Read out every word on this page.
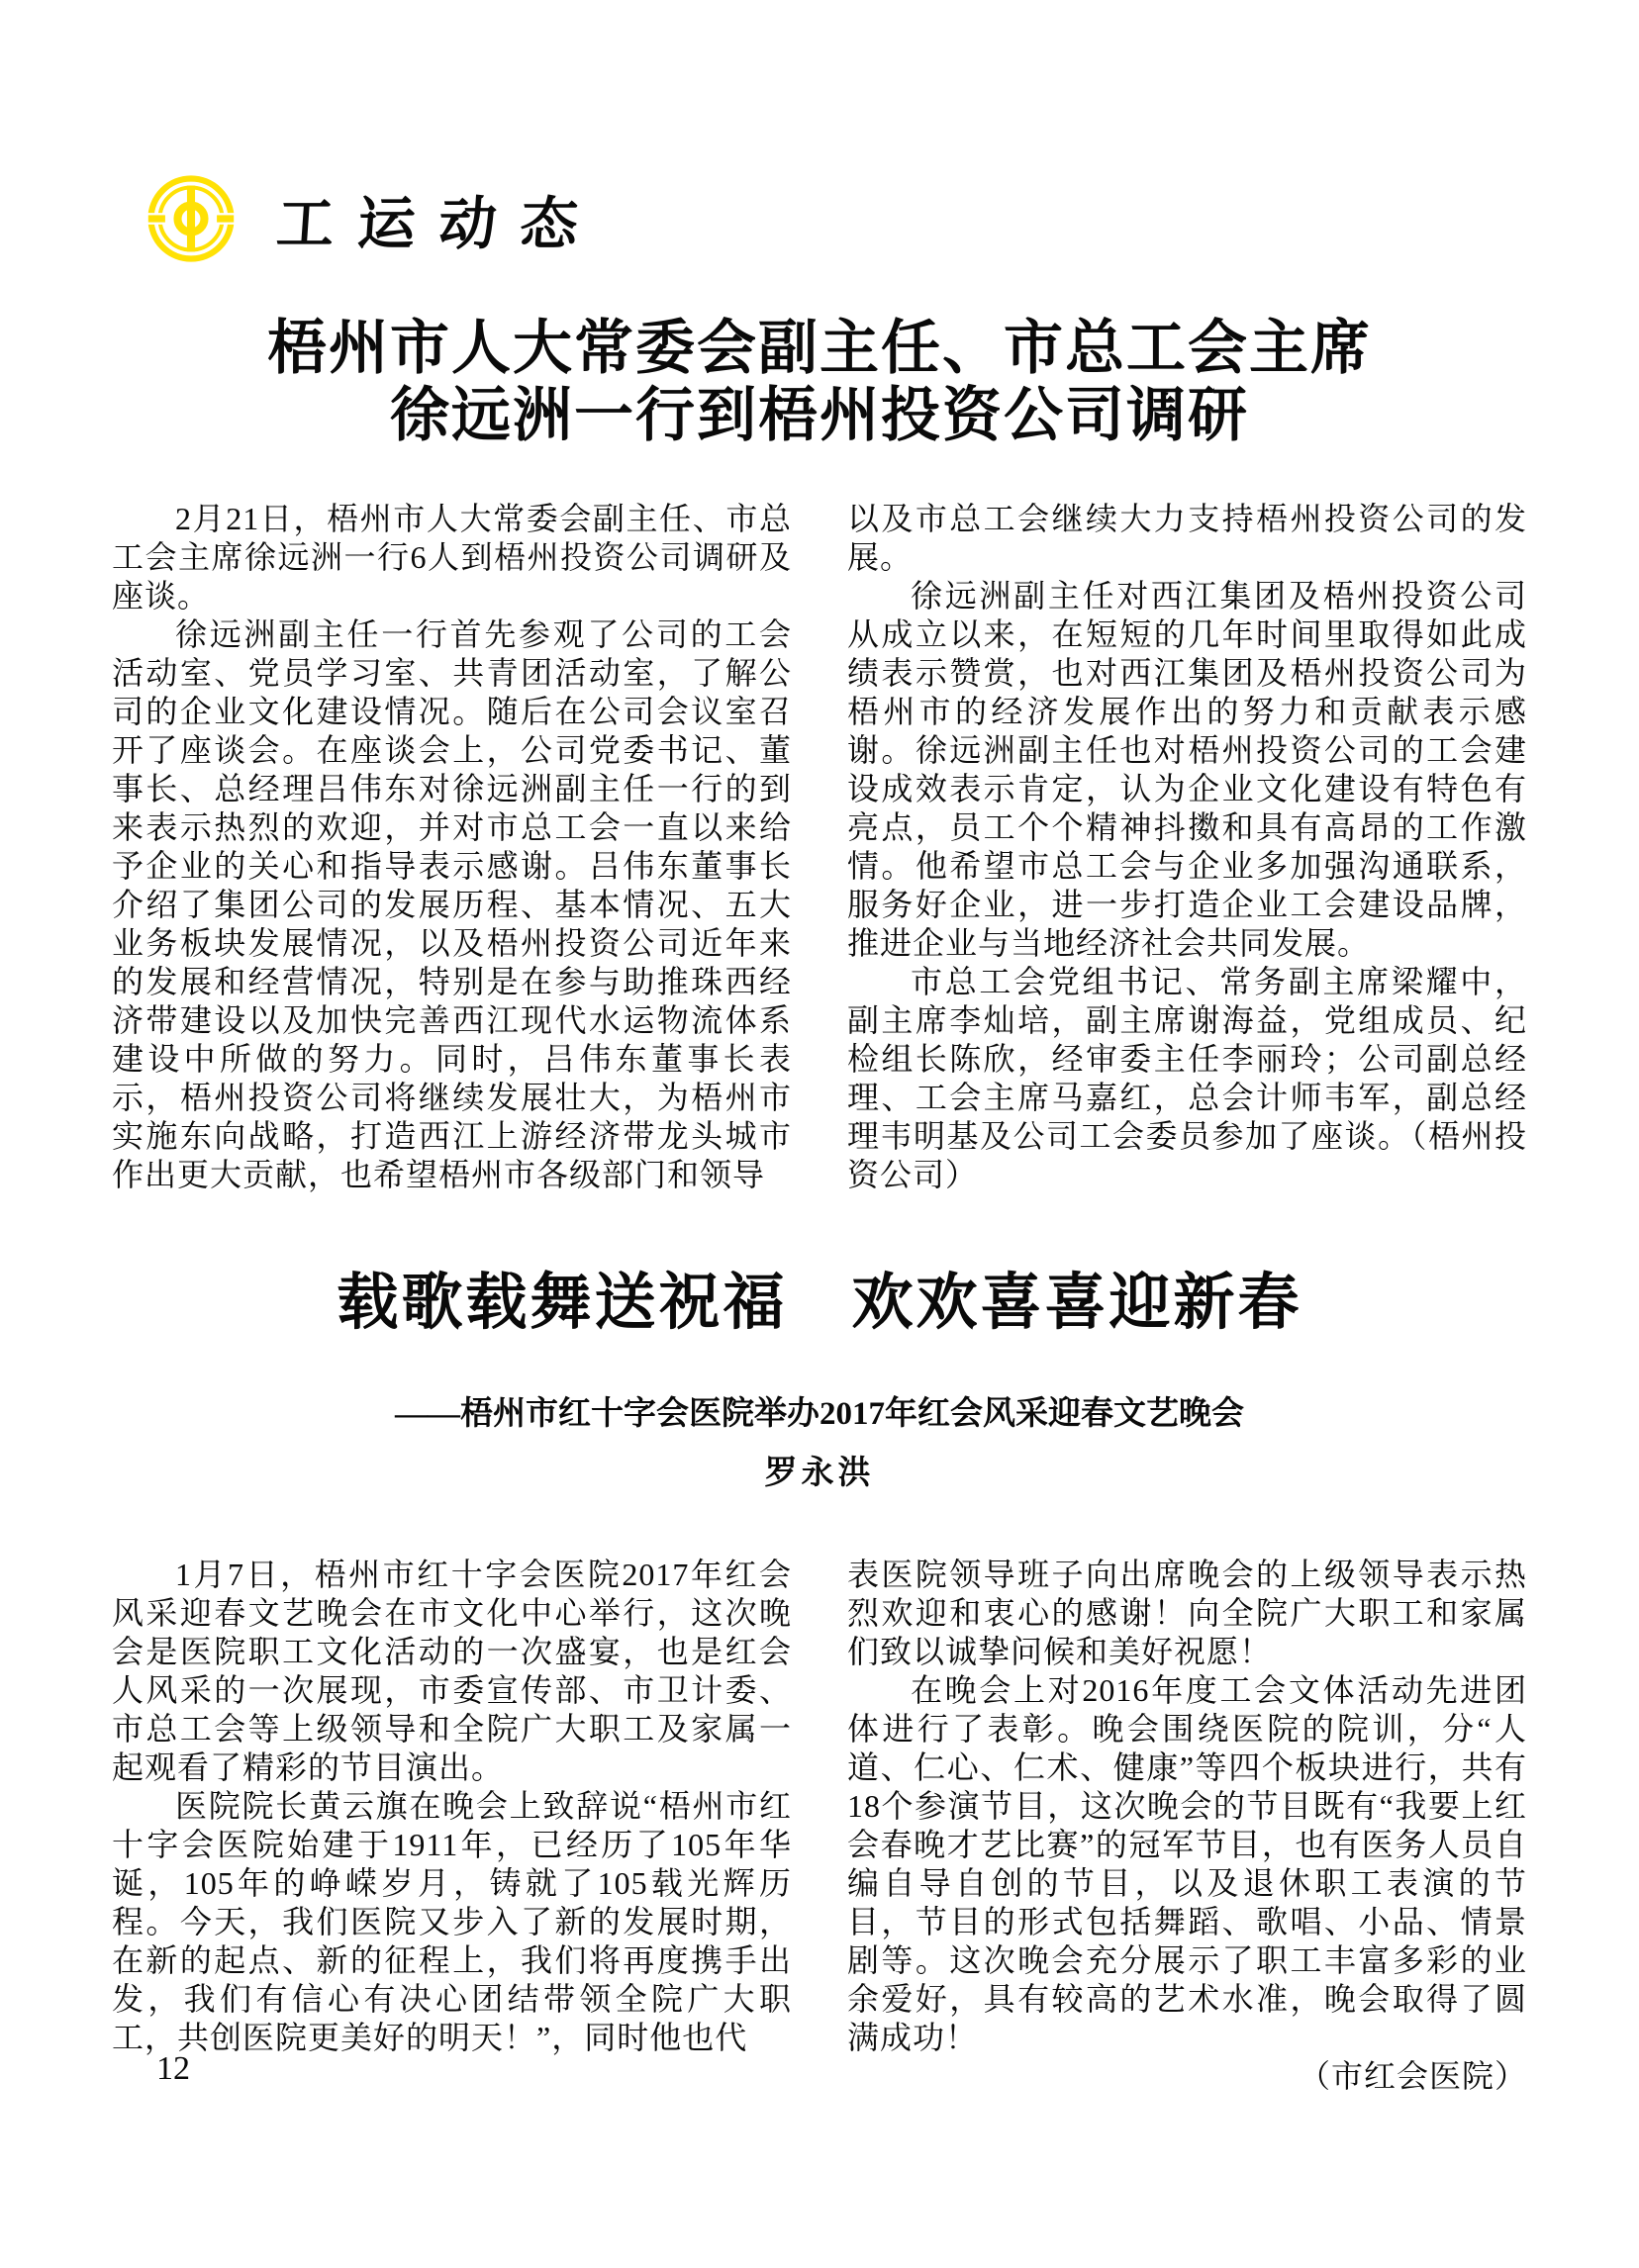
工运动态
梧州市人大常委会副主任、市总工会主席
徐远洲一行到梧州投资公司调研

2月21日，梧州市人大常委会副主任、市总工会主席徐远洲一行6人到梧州投资公司调研及座谈。

徐远洲副主任一行首先参观了公司的工会活动室、党员学习室、共青团活动室，了解公司的企业文化建设情况。随后在公司会议室召开了座谈会。在座谈会上，公司党委书记、董事长、总经理吕伟东对徐远洲副主任一行的到来表示热烈的欢迎，并对市总工会一直以来给予企业的关心和指导表示感谢。吕伟东董事长介绍了集团公司的发展历程、基本情况、五大业务板块发展情况，以及梧州投资公司近年来的发展和经营情况，特别是在参与助推珠西经济带建设以及加快完善西江现代水运物流体系建设中所做的努力。同时，吕伟东董事长表示，梧州投资公司将继续发展壮大，为梧州市实施东向战略，打造西江上游经济带龙头城市作出更大贡献，也希望梧州市各级部门和领导

以及市总工会继续大力支持梧州投资公司的发展。

徐远洲副主任对西江集团及梧州投资公司从成立以来，在短短的几年时间里取得如此成绩表示赞赏，也对西江集团及梧州投资公司为梧州市的经济发展作出的努力和贡献表示感谢。徐远洲副主任也对梧州投资公司的工会建设成效表示肯定，认为企业文化建设有特色有亮点，员工个个精神抖擞和具有高昂的工作激情。他希望市总工会与企业多加强沟通联系，服务好企业，进一步打造企业工会建设品牌，推进企业与当地经济社会共同发展。

市总工会党组书记、常务副主席梁耀中，副主席李灿培，副主席谢海益，党组成员、纪检组长陈欣，经审委主任李丽玲；公司副总经理、工会主席马嘉红，总会计师韦军，副总经理韦明基及公司工会委员参加了座谈。（梧州投资公司）

载歌载舞送祝福　欢欢喜喜迎新春
——梧州市红十字会医院举办2017年红会风采迎春文艺晚会
罗永洪

1月7日，梧州市红十字会医院2017年红会风采迎春文艺晚会在市文化中心举行，这次晚会是医院职工文化活动的一次盛宴，也是红会人风采的一次展现，市委宣传部、市卫计委、市总工会等上级领导和全院广大职工及家属一起观看了精彩的节目演出。

医院院长黄云旗在晚会上致辞说“梧州市红十字会医院始建于1911年，已经历了105年华诞，105年的峥嵘岁月，铸就了105载光辉历程。今天，我们医院又步入了新的发展时期，在新的起点、新的征程上，我们将再度携手出发，我们有信心有决心团结带领全院广大职工，共创医院更美好的明天！”，同时他也代

表医院领导班子向出席晚会的上级领导表示热烈欢迎和衷心的感谢！向全院广大职工和家属们致以诚挚问候和美好祝愿！

在晚会上对2016年度工会文体活动先进团体进行了表彰。晚会围绕医院的院训，分“人道、仁心、仁术、健康”等四个板块进行，共有18个参演节目，这次晚会的节目既有“我要上红会春晚才艺比赛”的冠军节目，也有医务人员自编自导自创的节目，以及退休职工表演的节目，节目的形式包括舞蹈、歌唱、小品、情景剧等。这次晚会充分展示了职工丰富多彩的业余爱好，具有较高的艺术水准，晚会取得了圆满成功！

（市红会医院）

12
